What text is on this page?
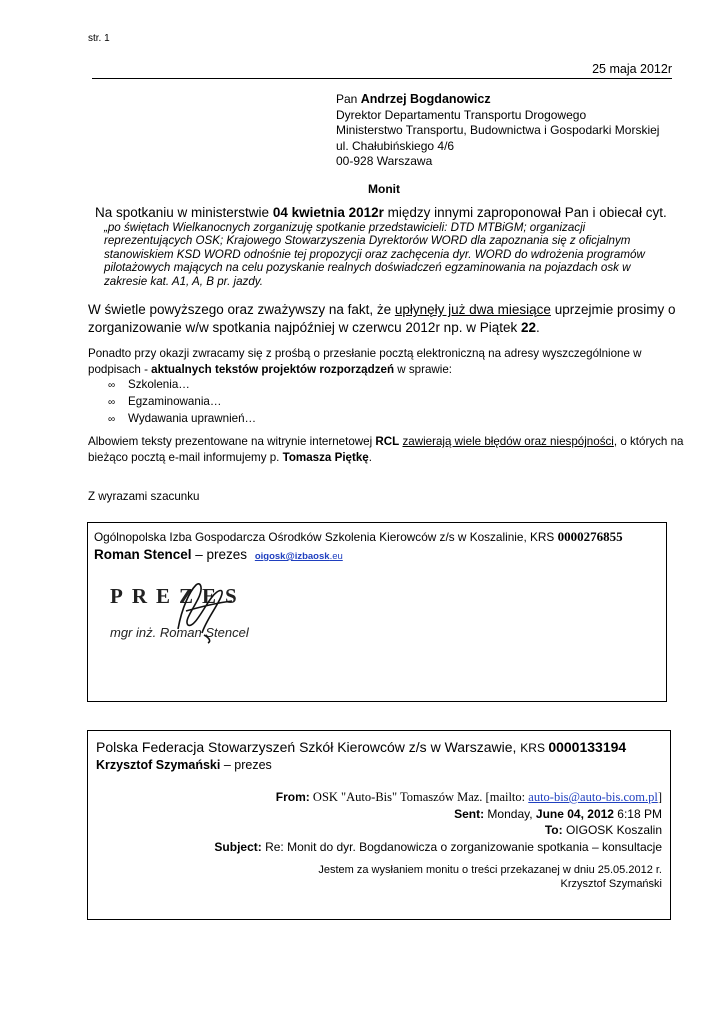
str. 1
25 maja 2012r
Pan Andrzej Bogdanowicz
Dyrektor Departamentu Transportu Drogowego
Ministerstwo Transportu, Budownictwa i Gospodarki Morskiej
ul. Chałubińskiego 4/6
00-928 Warszawa
Monit
Na spotkaniu w ministerstwie 04 kwietnia 2012r między innymi zaproponował Pan i obiecał cyt.
„po świętach Wielkanocnych zorganizuję spotkanie przedstawicieli: DTD MTBiGM; organizacji
reprezentujących OSK; Krajowego Stowarzyszenia Dyrektorów WORD dla zapoznania się z oficjalnym
stanowiskiem KSD WORD odnośnie tej propozycji oraz zachęcenia dyr. WORD do wdrożenia programów
pilotażowych mających na celu pozyskanie realnych doświadczeń egzaminowania na pojazdach osk w
zakresie kat. A1, A, B pr. jazdy.
W świetle powyższego oraz zważywszy na fakt, że upłynęły już dwa miesiące uprzejmie prosimy o zorganizowanie w/w spotkania najpóźniej w czerwcu 2012r np. w Piątek 22.
Ponadto przy okazji zwracamy się z prośbą o przesłanie pocztą elektroniczną na adresy wyszczególnione w podpisach - aktualnych tekstów projektów rozporządzeń w sprawie:
∞ Szkolenia…
∞ Egzaminowania…
∞ Wydawania uprawnień…
Albowiem teksty prezentowane na witrynie internetowej RCL zawierają wiele błędów oraz niespójności, o których na bieżąco pocztą e-mail informujemy p. Tomasza Piętkę.
Z wyrazami szacunku
Ogólnopolska Izba Gospodarcza Ośrodków Szkolenia Kierowców z/s w Koszalinie, KRS 0000276855
Roman Stencel – prezes oigosk@izbaosk.eu
PREZES
mgr inż. Roman Stencel
Polska Federacja Stowarzyszeń Szkół Kierowców z/s w Warszawie, KRS 0000133194
Krzysztof Szymański – prezes
From: OSK "Auto-Bis" Tomaszów Maz. [mailto: auto-bis@auto-bis.com.pl]
Sent: Monday, June 04, 2012 6:18 PM
To: OIGOSK Koszalin
Subject: Re: Monit do dyr. Bogdanowicza o zorganizowanie spotkania – konsultacje
Jestem za wysłaniem monitu o treści przekazanej w dniu 25.05.2012 r.
Krzysztof Szymański
